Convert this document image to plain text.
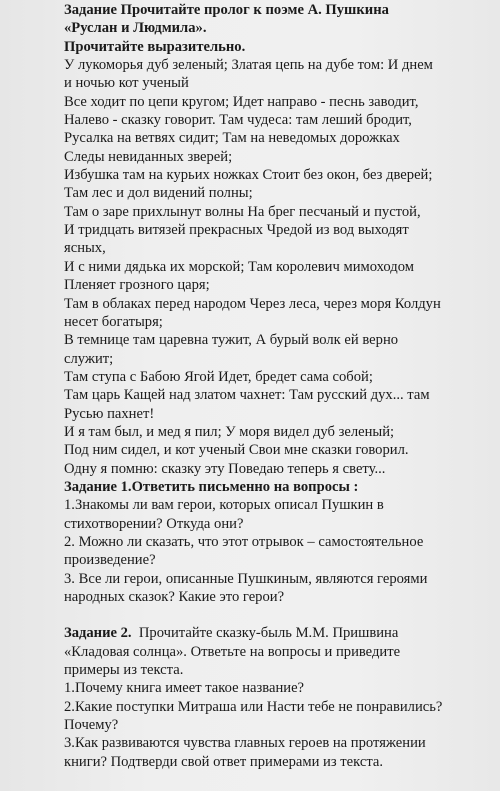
Задание Прочитайте пролог к поэме А. Пушкина
«Руслан и Людмила».
Прочитайте выразительно.
У лукоморья дуб зеленый; Златая цепь на дубе том: И днем
и ночью кот ученый
Все ходит по цепи кругом; Идет направо - песнь заводит,
Налево - сказку говорит. Там чудеса: там леший бродит,
Русалка на ветвях сидит; Там на неведомых дорожках
Следы невиданных зверей;
Избушка там на курьих ножках Стоит без окон, без дверей;
Там лес и дол видений полны;
Там о заре прихлынут волны На брег песчаный и пустой,
И тридцать витязей прекрасных Чредой из вод выходят
ясных,
И с ними дядька их морской; Там королевич мимоходом
Пленяет грозного царя;
Там в облаках перед народом Через леса, через моря Колдун
несет богатыря;
В темнице там царевна тужит, А бурый волк ей верно
служит;
Там ступа с Бабою Ягой Идет, бредет сама собой;
Там царь Кащей над златом чахнет: Там русский дух... там
Русью пахнет!
И я там был, и мед я пил; У моря видел дуб зеленый;
Под ним сидел, и кот ученый Свои мне сказки говорил.
Одну я помню: сказку эту Поведаю теперь я свету...
Задание 1.Ответить письменно на вопросы :
1.Знакомы ли вам герои, которых описал Пушкин в
стихотворении? Откуда они?
2. Можно ли сказать, что этот отрывок – самостоятельное
произведение?
3. Все ли герои, описанные Пушкиным, являются героями
народных сказок? Какие это герои?
Задание 2.  Прочитайте сказку-быль М.М. Пришвина
«Кладовая солнца». Ответьте на вопросы и приведите
примеры из текста.
1.Почему книга имеет такое название?
2.Какие поступки Митраша или Насти тебе не понравились?
Почему?
3.Как развиваются чувства главных героев на протяжении
книги? Подтверди свой ответ примерами из текста.
